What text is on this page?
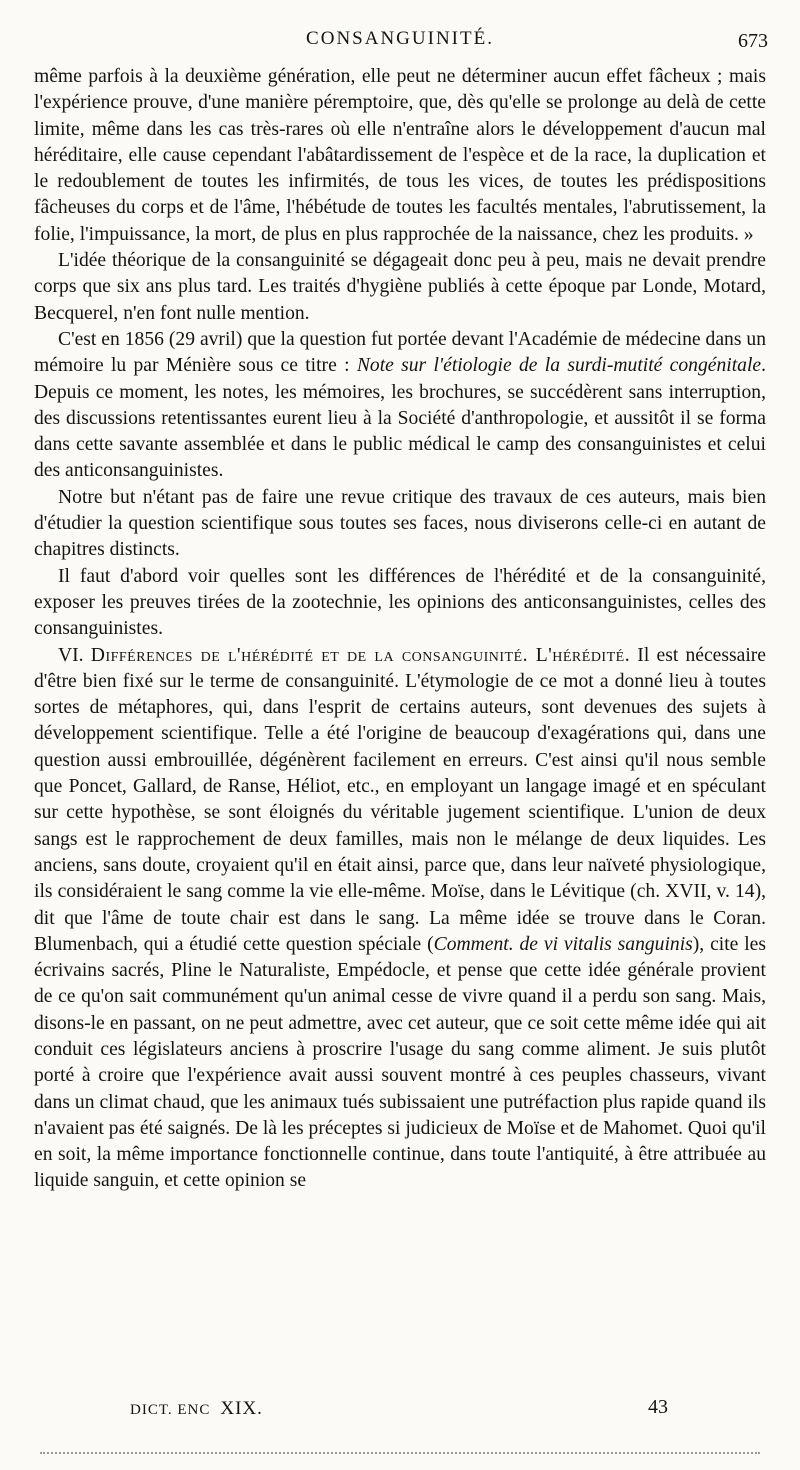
CONSANGUINITÉ.	673

même parfois à la deuxième génération, elle peut ne déterminer aucun effet fâcheux ; mais l'expérience prouve, d'une manière péremptoire, que, dès qu'elle se prolonge au delà de cette limite, même dans les cas très-rares où elle n'entraîne alors le développement d'aucun mal héréditaire, elle cause cependant l'abâtardissement de l'espèce et de la race, la duplication et le redoublement de toutes les infirmités, de tous les vices, de toutes les prédispositions fâcheuses du corps et de l'âme, l'hébétude de toutes les facultés mentales, l'abrutissement, la folie, l'impuissance, la mort, de plus en plus rapprochée de la naissance, chez les produits. »

L'idée théorique de la consanguinité se dégageait donc peu à peu, mais ne devait prendre corps que six ans plus tard. Les traités d'hygiène publiés à cette époque par Londe, Motard, Becquerel, n'en font nulle mention.

C'est en 1856 (29 avril) que la question fut portée devant l'Académie de médecine dans un mémoire lu par Ménière sous ce titre : Note sur l'étiologie de la surdi-mutité congénitale. Depuis ce moment, les notes, les mémoires, les brochures, se succédèrent sans interruption, des discussions retentissantes eurent lieu à la Société d'anthropologie, et aussitôt il se forma dans cette savante assemblée et dans le public médical le camp des consanguinistes et celui des anticonsanguinistes.

Notre but n'étant pas de faire une revue critique des travaux de ces auteurs, mais bien d'étudier la question scientifique sous toutes ses faces, nous diviserons celle-ci en autant de chapitres distincts.

Il faut d'abord voir quelles sont les différences de l'hérédité et de la consanguinité, exposer les preuves tirées de la zootechnie, les opinions des anticonsanguinistes, celles des consanguinistes.

VI. Différences de l'hérédité et de la consanguinité. L'hérédité. Il est nécessaire d'être bien fixé sur le terme de consanguinité. L'étymologie de ce mot a donné lieu à toutes sortes de métaphores, qui, dans l'esprit de certains auteurs, sont devenues des sujets à développement scientifique. Telle a été l'origine de beaucoup d'exagérations qui, dans une question aussi embrouillée, dégénèrent facilement en erreurs. C'est ainsi qu'il nous semble que Poncet, Gallard, de Ranse, Héliot, etc., en employant un langage imagé et en spéculant sur cette hypothèse, se sont éloignés du véritable jugement scientifique. L'union de deux sangs est le rapprochement de deux familles, mais non le mélange de deux liquides. Les anciens, sans doute, croyaient qu'il en était ainsi, parce que, dans leur naïveté physiologique, ils considéraient le sang comme la vie elle-même. Moïse, dans le Lévitique (ch. XVII, v. 14), dit que l'âme de toute chair est dans le sang. La même idée se trouve dans le Coran. Blumenbach, qui a étudié cette question spéciale (Comment. de vi vitalis sanguinis), cite les écrivains sacrés, Pline le Naturaliste, Empédocle, et pense que cette idée générale provient de ce qu'on sait communément qu'un animal cesse de vivre quand il a perdu son sang. Mais, disons-le en passant, on ne peut admettre, avec cet auteur, que ce soit cette même idée qui ait conduit ces législateurs anciens à proscrire l'usage du sang comme aliment. Je suis plutôt porté à croire que l'expérience avait aussi souvent montré à ces peuples chasseurs, vivant dans un climat chaud, que les animaux tués subissaient une putréfaction plus rapide quand ils n'avaient pas été saignés. De là les préceptes si judicieux de Moïse et de Mahomet. Quoi qu'il en soit, la même importance fonctionnelle continue, dans toute l'antiquité, à être attribuée au liquide sanguin, et cette opinion se

DICT. ENC XIX.	43
